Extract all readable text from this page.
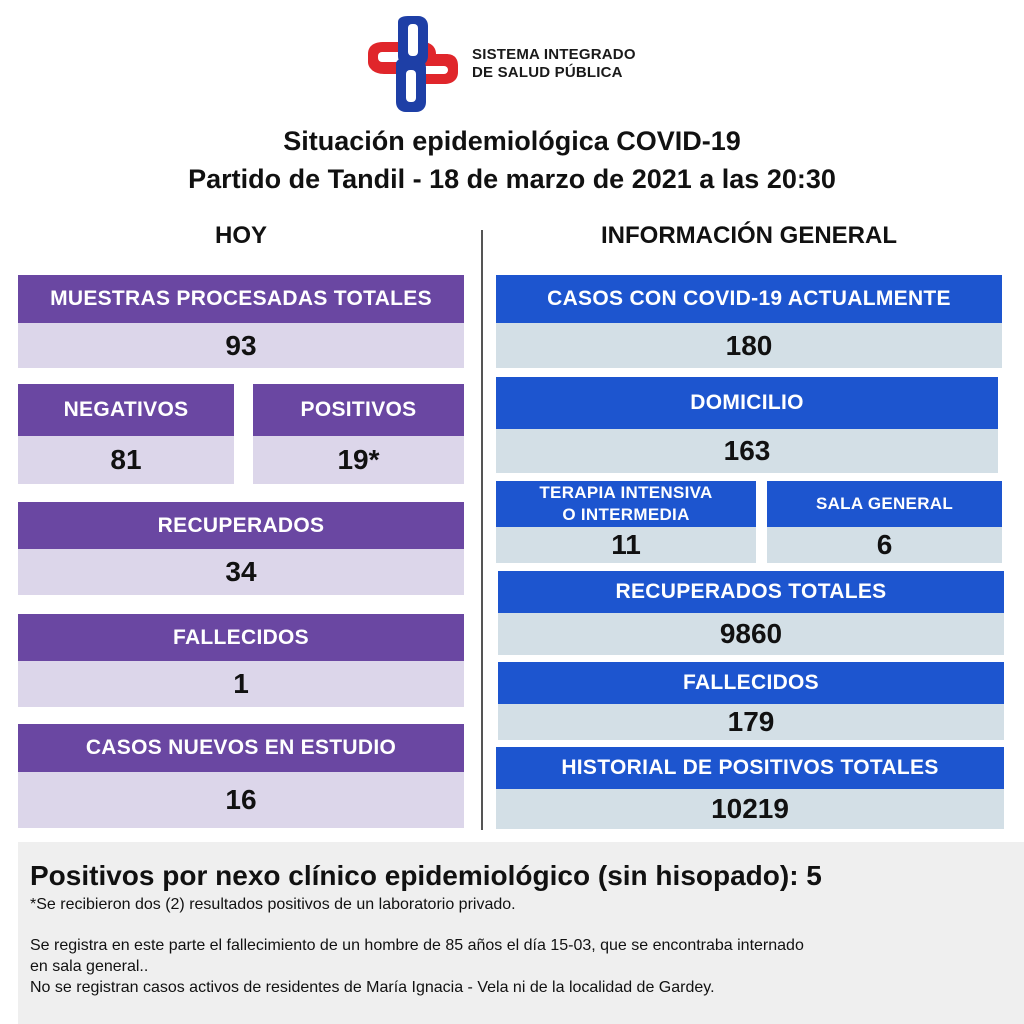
SISTEMA INTEGRADO
DE SALUD PÚBLICA
Situación epidemiológica COVID-19
Partido de Tandil - 18 de marzo de 2021 a las 20:30
HOY	INFORMACIÓN GENERAL
MUESTRAS PROCESADAS TOTALES
93
NEGATIVOS
81
POSITIVOS
19*
RECUPERADOS
34
FALLECIDOS
1
CASOS NUEVOS EN ESTUDIO
16
CASOS CON COVID-19 ACTUALMENTE
180
DOMICILIO
163
TERAPIA INTENSIVA
O INTERMEDIA
11
SALA GENERAL
6
RECUPERADOS TOTALES
9860
FALLECIDOS
179
HISTORIAL DE POSITIVOS TOTALES
10219
Positivos por nexo clínico epidemiológico (sin hisopado): 5
*Se recibieron dos (2) resultados positivos de un laboratorio privado.
Se registra en este parte el fallecimiento de un hombre de 85 años el día 15-03, que se encontraba internado
en sala general..
No se registran casos activos de residentes de María Ignacia - Vela ni de la localidad de Gardey.
